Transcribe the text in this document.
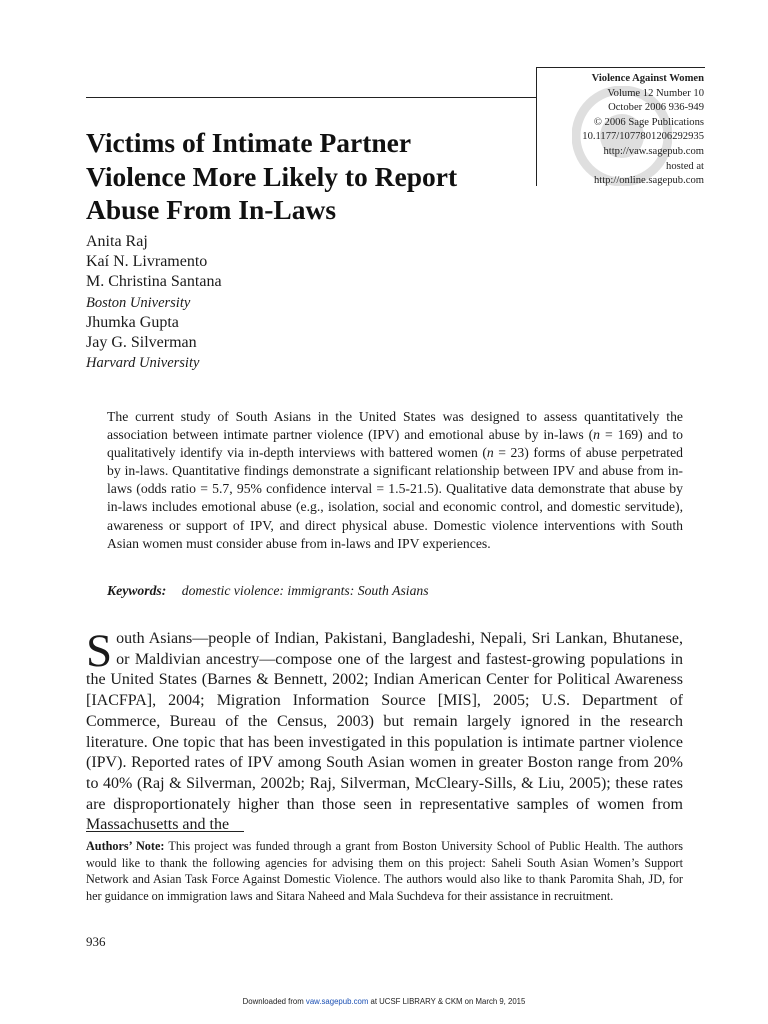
Violence Against Women
Volume 12 Number 10
October 2006 936-949
© 2006 Sage Publications
10.1177/1077801206292935
http://vaw.sagepub.com
hosted at
http://online.sagepub.com
Victims of Intimate Partner
Violence More Likely to Report
Abuse From In-Laws
Anita Raj
Kaí N. Livramento
M. Christina Santana
Boston University
Jhumka Gupta
Jay G. Silverman
Harvard University
The current study of South Asians in the United States was designed to assess quantitatively the association between intimate partner violence (IPV) and emotional abuse by in-laws (n = 169) and to qualitatively identify via in-depth interviews with battered women (n = 23) forms of abuse perpetrated by in-laws. Quantitative findings demonstrate a significant relationship between IPV and abuse from in-laws (odds ratio = 5.7, 95% confidence interval = 1.5-21.5). Qualitative data demonstrate that abuse by in-laws includes emotional abuse (e.g., isolation, social and economic control, and domestic servitude), awareness or support of IPV, and direct physical abuse. Domestic violence interventions with South Asian women must consider abuse from in-laws and IPV experiences.
Keywords: domestic violence: immigrants: South Asians
South Asians—people of Indian, Pakistani, Bangladeshi, Nepali, Sri Lankan, Bhutanese, or Maldivian ancestry—compose one of the largest and fastest-growing populations in the United States (Barnes & Bennett, 2002; Indian American Center for Political Awareness [IACFPA], 2004; Migration Information Source [MIS], 2005; U.S. Department of Commerce, Bureau of the Census, 2003) but remain largely ignored in the research literature. One topic that has been investigated in this population is intimate partner violence (IPV). Reported rates of IPV among South Asian women in greater Boston range from 20% to 40% (Raj & Silverman, 2002b; Raj, Silverman, McCleary-Sills, & Liu, 2005); these rates are disproportionately higher than those seen in representative samples of women from Massachusetts and the
Authors’ Note: This project was funded through a grant from Boston University School of Public Health. The authors would like to thank the following agencies for advising them on this project: Saheli South Asian Women’s Support Network and Asian Task Force Against Domestic Violence. The authors would also like to thank Paromita Shah, JD, for her guidance on immigration laws and Sitara Naheed and Mala Suchdeva for their assistance in recruitment.
936
Downloaded from vaw.sagepub.com at UCSF LIBRARY & CKM on March 9, 2015
